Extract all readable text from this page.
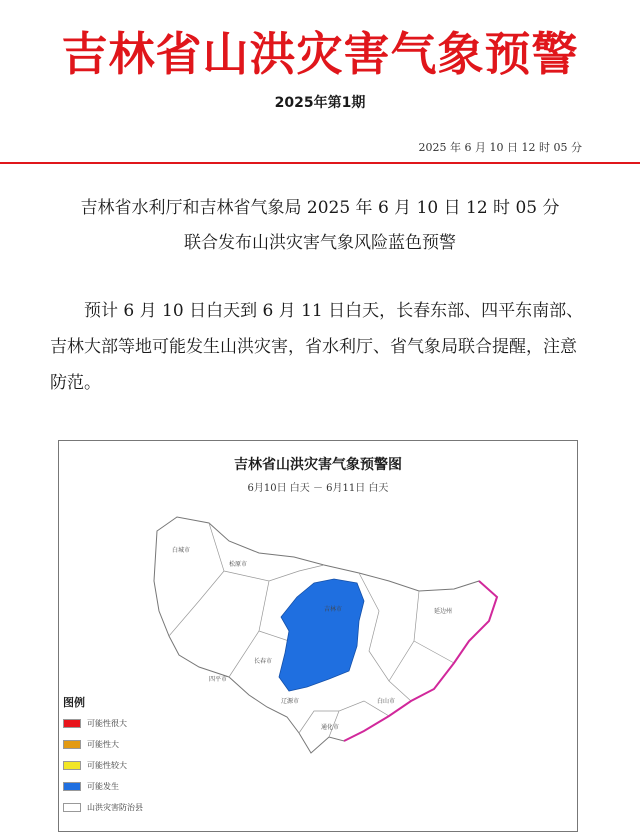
吉林省山洪灾害气象预警
2025年第1期
2025 年 6 月 10 日 12 时 05 分
吉林省水利厅和吉林省气象局 2025 年 6 月 10 日 12 时 05 分
联合发布山洪灾害气象风险蓝色预警
预计 6 月 10 日白天到 6 月 11 日白天，长春东部、四平东南部、吉林大部等地可能发生山洪灾害，省水利厅、省气象局联合提醒，注意防范。
白城市
松原市
长春市
吉林市
四平市
辽源市
通化市
白山市
延边州
吉林省山洪灾害气象预警图
6月10日 白天 － 6月11日 白天
图例
可能性很大
可能性大
可能性较大
可能发生
山洪灾害防治县
